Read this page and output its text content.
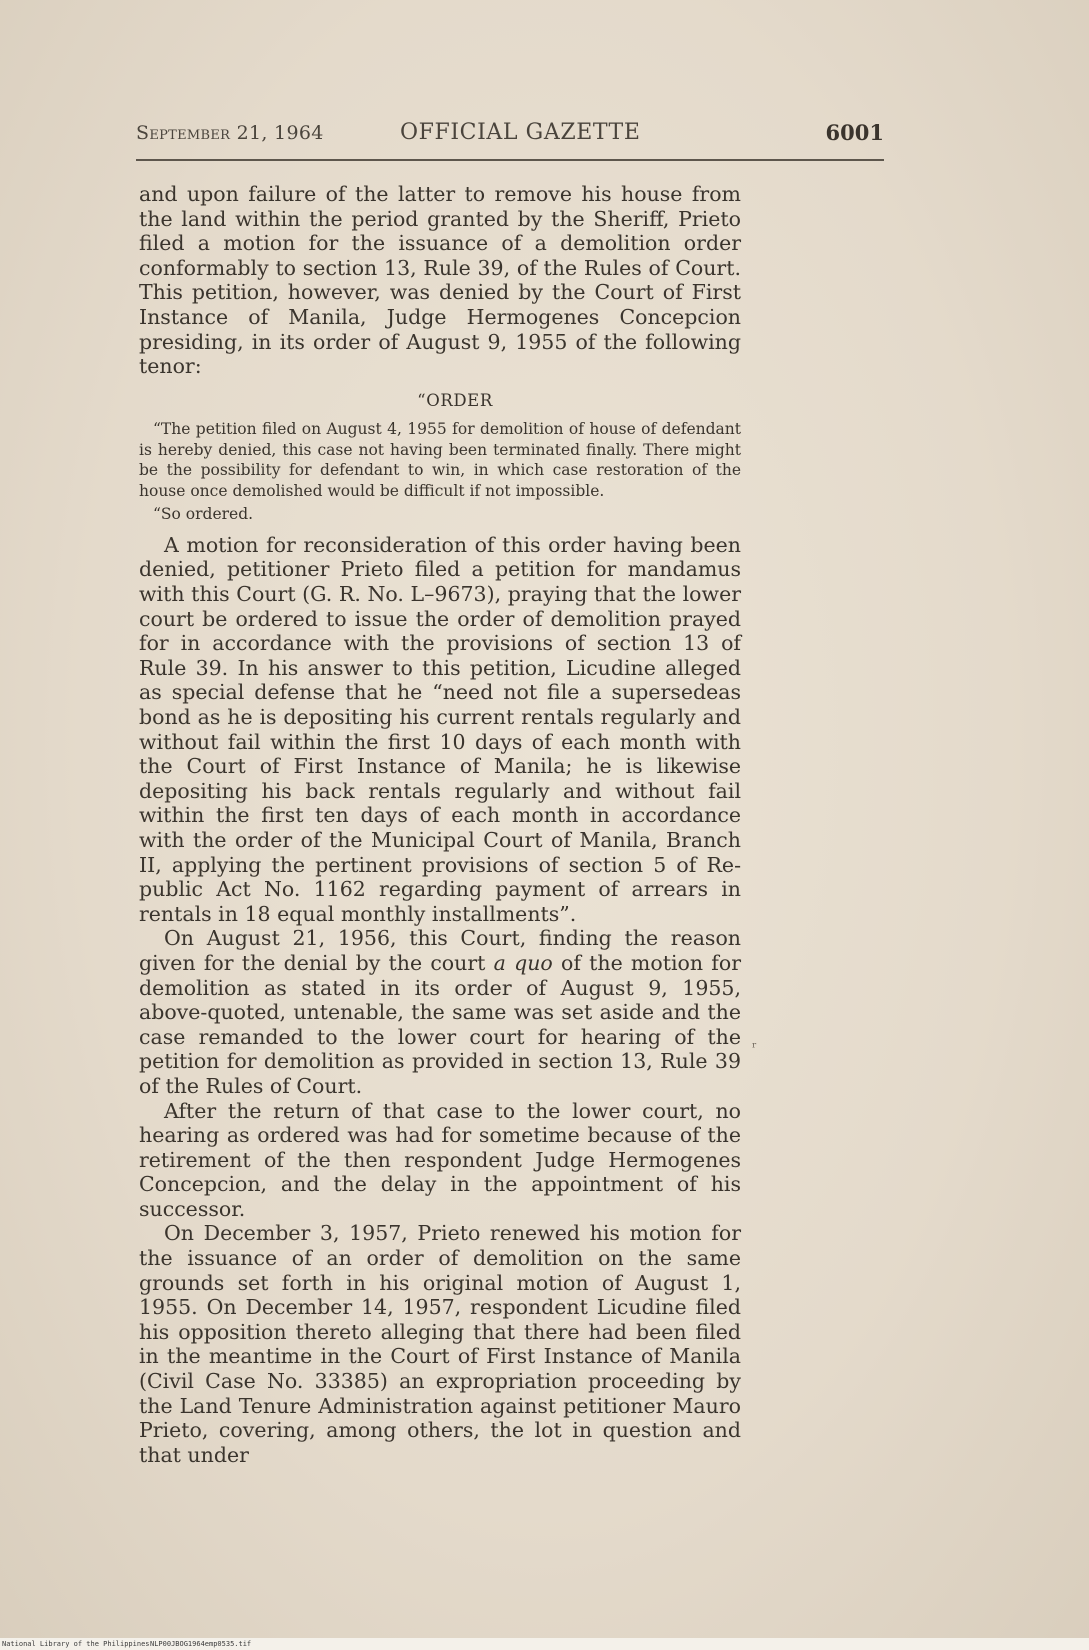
September 21, 1964	OFFICIAL GAZETTE	6001

and upon failure of the latter to remove his house from the land within the period granted by the Sheriff, Prieto filed a motion for the issuance of a demolition order conformably to section 13, Rule 39, of the Rules of Court. This petition, however, was denied by the Court of First Instance of Manila, Judge Hermogenes Concepcion presiding, in its order of August 9, 1955 of the following tenor:

“ORDER

“The petition filed on August 4, 1955 for demolition of house of defendant is hereby denied, this case not having been terminated finally. There might be the possibility for defendant to win, in which case restoration of the house once demolished would be difficult if not impossible.

“So ordered.

A motion for reconsideration of this order having been denied, petitioner Prieto filed a petition for mandamus with this Court (G. R. No. L–9673), praying that the lower court be ordered to issue the order of demolition prayed for in accordance with the provisions of section 13 of Rule 39. In his answer to this petition, Licudine alleged as special defense that he “need not file a supersedeas bond as he is depositing his current rentals regularly and without fail within the first 10 days of each month with the Court of First Instance of Manila; he is likewise depositing his back rentals regularly and without fail within the first ten days of each month in accordance with the order of the Municipal Court of Manila, Branch II, applying the pertinent provisions of section 5 of Republic Act No. 1162 regarding payment of arrears in rentals in 18 equal monthly installments”.

On August 21, 1956, this Court, finding the reason given for the denial by the court a quo of the motion for demolition as stated in its order of August 9, 1955, above-quoted, untenable, the same was set aside and the case remanded to the lower court for hearing of the petition for demolition as provided in section 13, Rule 39 of the Rules of Court.

After the return of that case to the lower court, no hearing as ordered was had for sometime because of the retirement of the then respondent Judge Hermogenes Concepcion, and the delay in the appointment of his successor.

On December 3, 1957, Prieto renewed his motion for the issuance of an order of demolition on the same grounds set forth in his original motion of August 1, 1955. On December 14, 1957, respondent Licudine filed his opposition thereto alleging that there had been filed in the meantime in the Court of First Instance of Manila (Civil Case No. 33385) an expropriation proceeding by the Land Tenure Administration against petitioner Mauro Prieto, covering, among others, the lot in question and that under

ʳ
National Library of the Philippines NLP00JBOG1964emp0535.tif
